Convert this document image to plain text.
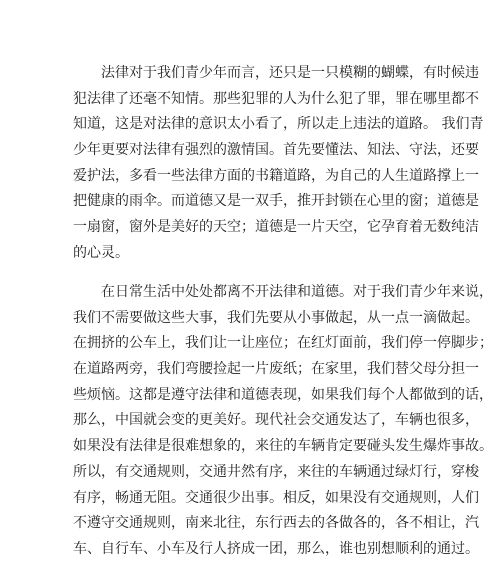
　　法律对于我们青少年而言，还只是一只模糊的蝴蝶，有时候违
犯法律了还毫不知情。那些犯罪的人为什么犯了罪，罪在哪里都不
知道，这是对法律的意识太小看了，所以走上违法的道路。 我们青
少年更要对法律有强烈的激情国。首先要懂法、知法、守法，还要
爱护法，多看一些法律方面的书籍道路，为自己的人生道路撑上一
把健康的雨伞。而道德又是一双手，推开封锁在心里的窗；道德是
一扇窗，窗外是美好的天空；道德是一片天空，它孕育着无数纯洁
的心灵。
　　在日常生活中处处都离不开法律和道德。对于我们青少年来说，
我们不需要做这些大事，我们先要从小事做起，从一点一滴做起。
在拥挤的公车上，我们让一让座位；在红灯面前，我们停一停脚步；
在道路两旁，我们弯腰捡起一片废纸；在家里，我们替父母分担一
些烦恼。这都是遵守法律和道德表现，如果我们每个人都做到的话，
那么，中国就会变的更美好。现代社会交通发达了，车辆也很多，
如果没有法律是很难想象的，来往的车辆肯定要碰头发生爆炸事故。
所以，有交通规则，交通井然有序，来往的车辆通过绿灯行，穿梭
有序，畅通无阻。交通很少出事。相反，如果没有交通规则，人们
不遵守交通规则，南来北往，东行西去的各做各的，各不相让，汽
车、自行车、小车及行人挤成一团，那么，谁也别想顺利的通过。
